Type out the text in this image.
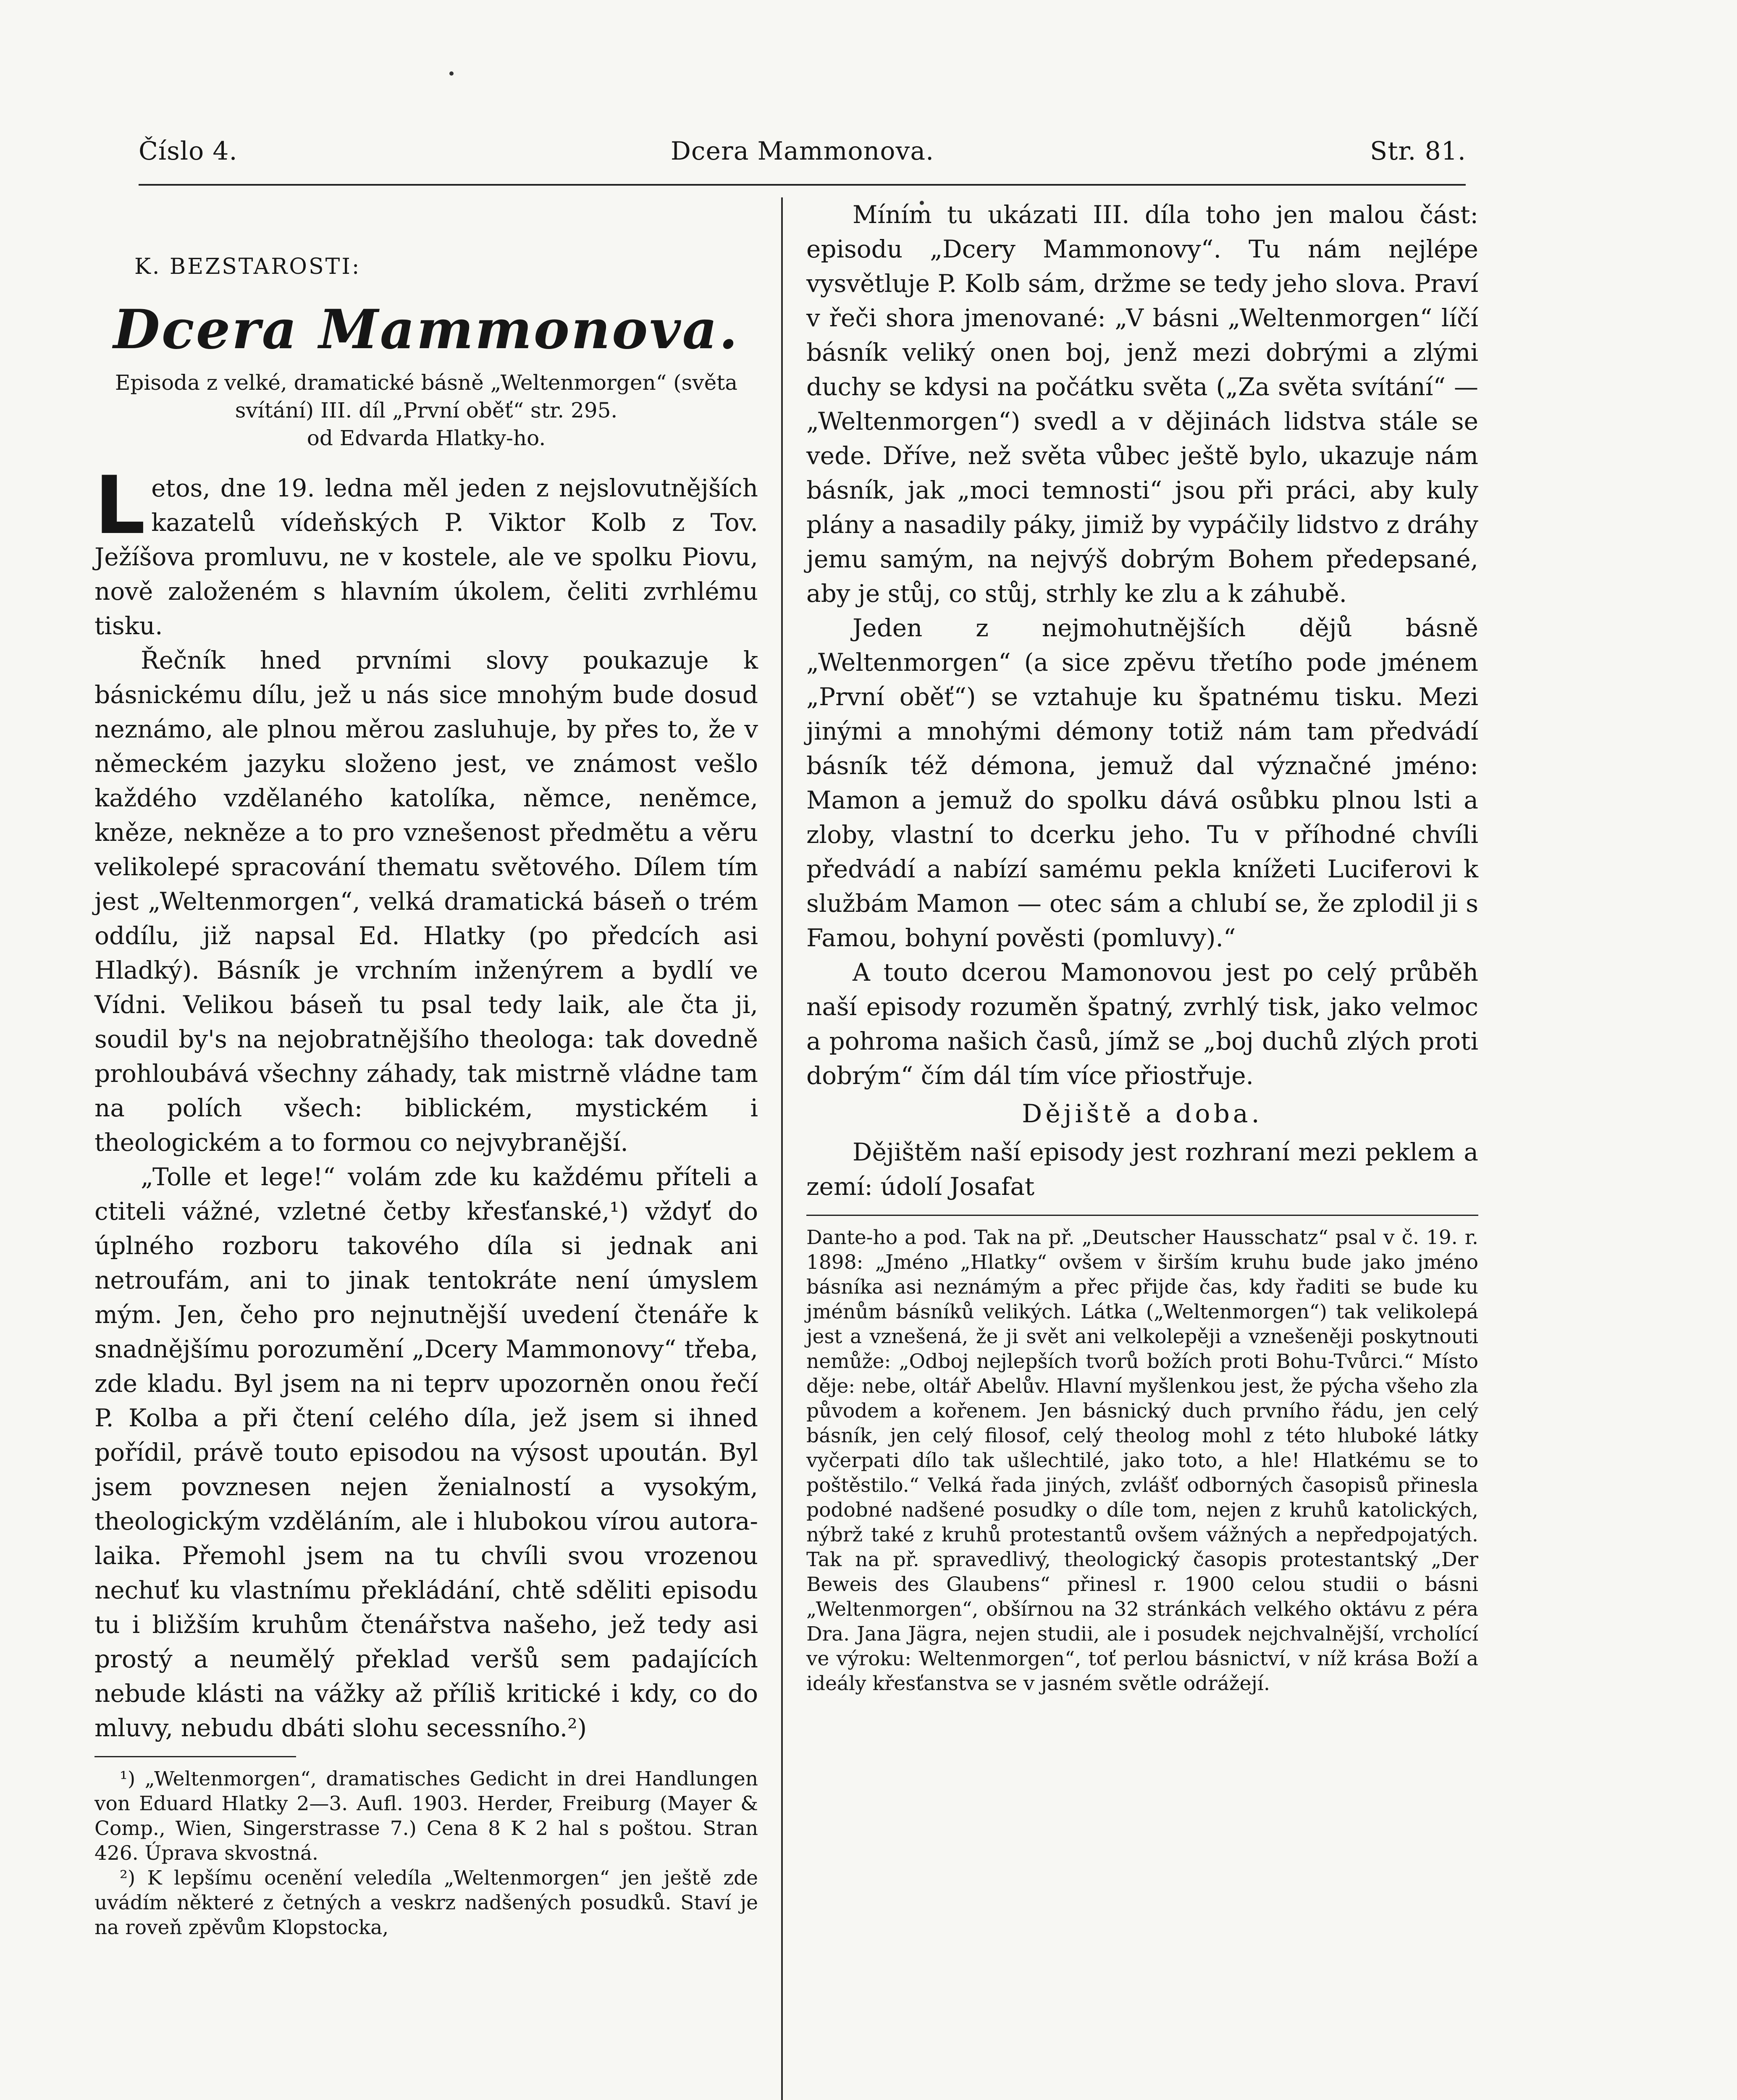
Číslo 4.	Dcera Mammonova.	Str. 81.
K. BEZSTAROSTI:
Dcera Mammonova.
Episoda z velké, dramatické básně „Weltenmorgen“ (světa svítání) III. díl „První oběť“ str. 295.
od Edvarda Hlatky-ho.

Letos, dne 19. ledna měl jeden z nejslovutnějších kazatelů vídeňských P. Viktor Kolb z Tov. Ježíšova promluvu, ne v kostele, ale ve spolku Piovu, nově založeném s hlavním úkolem, čeliti zvrhlému tisku.

Řečník hned prvními slovy poukazuje k básnickému dílu, jež u nás sice mnohým bude dosud neznámo, ale plnou měrou zasluhuje, by přes to, že v německém jazyku složeno jest, ve známost vešlo každého vzdělaného katolíka, němce, neněmce, kněze, nekněze a to pro vznešenost předmětu a věru velikolepé spracování thematu světového. Dílem tím jest „Weltenmorgen“, velká dramatická báseň o trém oddílu, již napsal Ed. Hlatky (po předcích asi Hladký). Básník je vrchním inženýrem a bydlí ve Vídni. Velikou báseň tu psal tedy laik, ale čta ji, soudil by's na nejobratnějšího theologa: tak dovedně prohloubává všechny záhady, tak mistrně vládne tam na polích všech: biblickém, mystickém i theologickém a to formou co nejvybranější.

„Tolle et lege!“ volám zde ku každému příteli a ctiteli vážné, vzletné četby křesťanské,¹) vždyť do úplného rozboru takového díla si jednak ani netroufám, ani to jinak tentokráte není úmyslem mým. Jen, čeho pro nejnutnější uvedení čtenáře k snadnějšímu porozumění „Dcery Mammonovy“ třeba, zde kladu. Byl jsem na ni teprv upozorněn onou řečí P. Kolba a při čtení celého díla, jež jsem si ihned pořídil, právě touto episodou na výsost upoután. Byl jsem povznesen nejen ženialností a vysokým, theologickým vzděláním, ale i hlubokou vírou autora-laika. Přemohl jsem na tu chvíli svou vrozenou nechuť ku vlastnímu překládání, chtě sděliti episodu tu i bližším kruhům čtenářstva našeho, jež tedy asi prostý a neumělý překlad veršů sem padajících nebude klásti na vážky až příliš kritické i kdy, co do mluvy, nebudu dbáti slohu secessního.²)

¹) „Weltenmorgen“, dramatisches Gedicht in drei Handlungen von Eduard Hlatky 2—3. Aufl. 1903. Herder, Freiburg (Mayer & Comp., Wien, Singerstrasse 7.) Cena 8 K 2 hal s poštou. Stran 426. Úprava skvostná.

²) K lepšímu ocenění veledíla „Weltenmorgen“ jen ještě zde uvádím některé z četných a veskrz nadšených posudků. Staví je na roveň zpěvům Klopstocka,

Míním tu ukázati III. díla toho jen malou část: episodu „Dcery Mammonovy“. Tu nám nejlépe vysvětluje P. Kolb sám, držme se tedy jeho slova. Praví v řeči shora jmenované: „V básni „Weltenmorgen“ líčí básník veliký onen boj, jenž mezi dobrými a zlými duchy se kdysi na počátku světa („Za světa svítání“ — „Weltenmorgen“) svedl a v dějinách lidstva stále se vede. Dříve, než světa vůbec ještě bylo, ukazuje nám básník, jak „moci temnosti“ jsou při práci, aby kuly plány a nasadily páky, jimiž by vypáčily lidstvo z dráhy jemu samým, na nejvýš dobrým Bohem předepsané, aby je stůj, co stůj, strhly ke zlu a k záhubě.

Jeden z nejmohutnějších dějů básně „Weltenmorgen“ (a sice zpěvu třetího pode jménem „První oběť“) se vztahuje ku špatnému tisku. Mezi jinými a mnohými démony totiž nám tam předvádí básník též démona, jemuž dal význačné jméno: Mamon a jemuž do spolku dává osůbku plnou lsti a zloby, vlastní to dcerku jeho. Tu v příhodné chvíli předvádí a nabízí samému pekla knížeti Luciferovi k službám Mamon — otec sám a chlubí se, že zplodil ji s Famou, bohyní pověsti (pomluvy).“

A touto dcerou Mamonovou jest po celý průběh naší episody rozuměn špatný, zvrhlý tisk, jako velmoc a pohroma našich časů, jímž se „boj duchů zlých proti dobrým“ čím dál tím více přiostřuje.

Dějiště a doba.

Dějištěm naší episody jest rozhraní mezi peklem a zemí: údolí Josafat

Dante-ho a pod. Tak na př. „Deutscher Hausschatz“ psal v č. 19. r. 1898: „Jméno „Hlatky“ ovšem v širším kruhu bude jako jméno básníka asi neznámým a přec přijde čas, kdy řaditi se bude ku jménům básníků velikých. Látka („Weltenmorgen“) tak velikolepá jest a vznešená, že ji svět ani velkolepěji a vznešeněji poskytnouti nemůže: „Odboj nejlepších tvorů božích proti Bohu-Tvůrci.“ Místo děje: nebe, oltář Abelův. Hlavní myšlenkou jest, že pýcha všeho zla původem a kořenem. Jen básnický duch prvního řádu, jen celý básník, jen celý filosof, celý theolog mohl z této hluboké látky vyčerpati dílo tak ušlechtilé, jako toto, a hle! Hlatkému se to poštěstilo.“ Velká řada jiných, zvlášť odborných časopisů přinesla podobné nadšené posudky o díle tom, nejen z kruhů katolických, nýbrž také z kruhů protestantů ovšem vážných a nepředpojatých. Tak na př. spravedlivý, theologický časopis protestantský „Der Beweis des Glaubens“ přinesl r. 1900 celou studii o básni „Weltenmorgen“, obšírnou na 32 stránkách velkého oktávu z péra Dra. Jana Jägra, nejen studii, ale i posudek nejchvalnější, vrcholící ve výroku: Weltenmorgen“, toť perlou básnictví, v níž krása Boží a ideály křesťanstva se v jasném světle odrážejí.
